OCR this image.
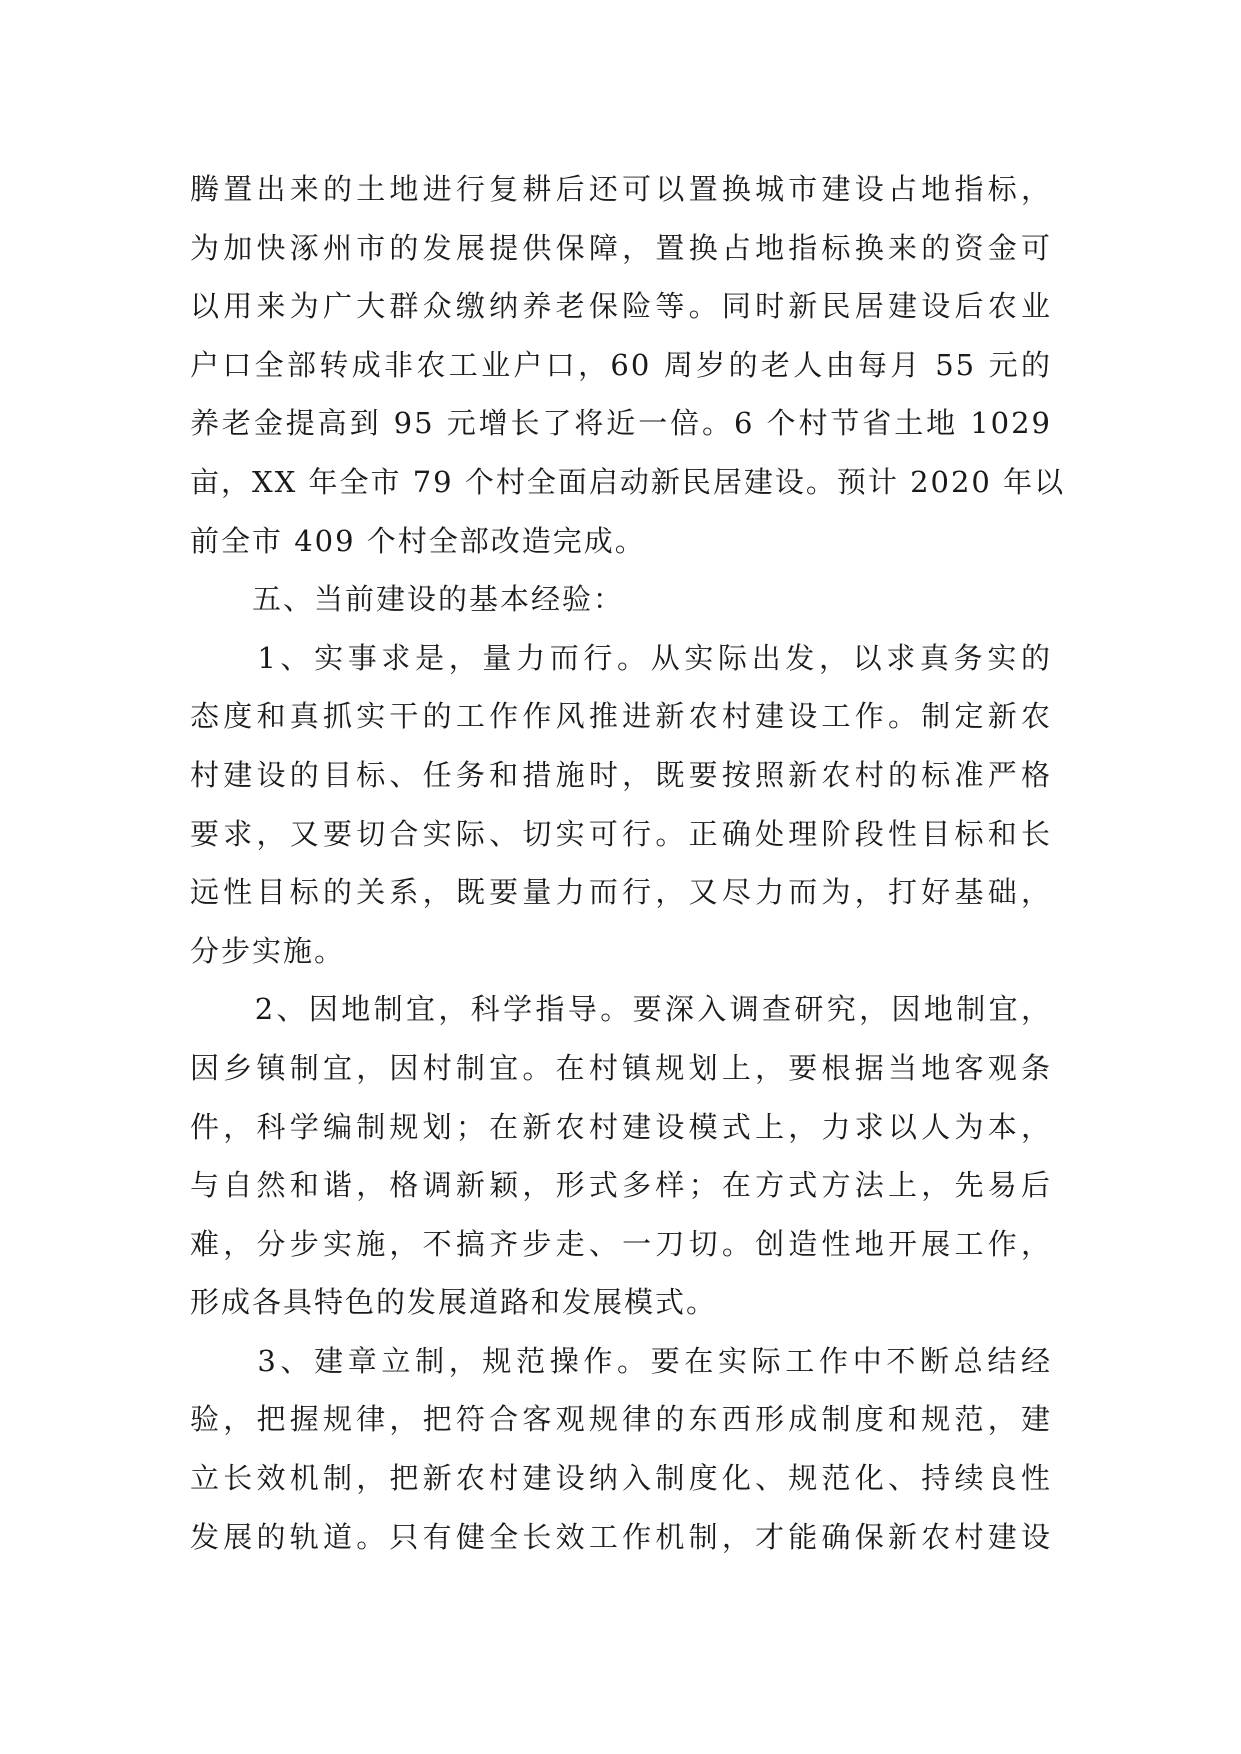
腾置出来的土地进行复耕后还可以置换城市建设占地指标，
为加快涿州市的发展提供保障，置换占地指标换来的资金可
以用来为广大群众缴纳养老保险等。同时新民居建设后农业
户口全部转成非农工业户口，60 周岁的老人由每月 55 元的
养老金提高到 95 元增长了将近一倍。6 个村节省土地 1029
亩，XX 年全市 79 个村全面启动新民居建设。预计 2020 年以
前全市 409 个村全部改造完成。
　　五、当前建设的基本经验：
　　1、实事求是，量力而行。从实际出发，以求真务实的
态度和真抓实干的工作作风推进新农村建设工作。制定新农
村建设的目标、任务和措施时，既要按照新农村的标准严格
要求，又要切合实际、切实可行。正确处理阶段性目标和长
远性目标的关系，既要量力而行，又尽力而为，打好基础，
分步实施。
　　2、因地制宜，科学指导。要深入调查研究，因地制宜，
因乡镇制宜，因村制宜。在村镇规划上，要根据当地客观条
件，科学编制规划；在新农村建设模式上，力求以人为本，
与自然和谐，格调新颖，形式多样；在方式方法上，先易后
难，分步实施，不搞齐步走、一刀切。创造性地开展工作，
形成各具特色的发展道路和发展模式。
　　3、建章立制，规范操作。要在实际工作中不断总结经
验，把握规律，把符合客观规律的东西形成制度和规范，建
立长效机制，把新农村建设纳入制度化、规范化、持续良性
发展的轨道。只有健全长效工作机制，才能确保新农村建设
